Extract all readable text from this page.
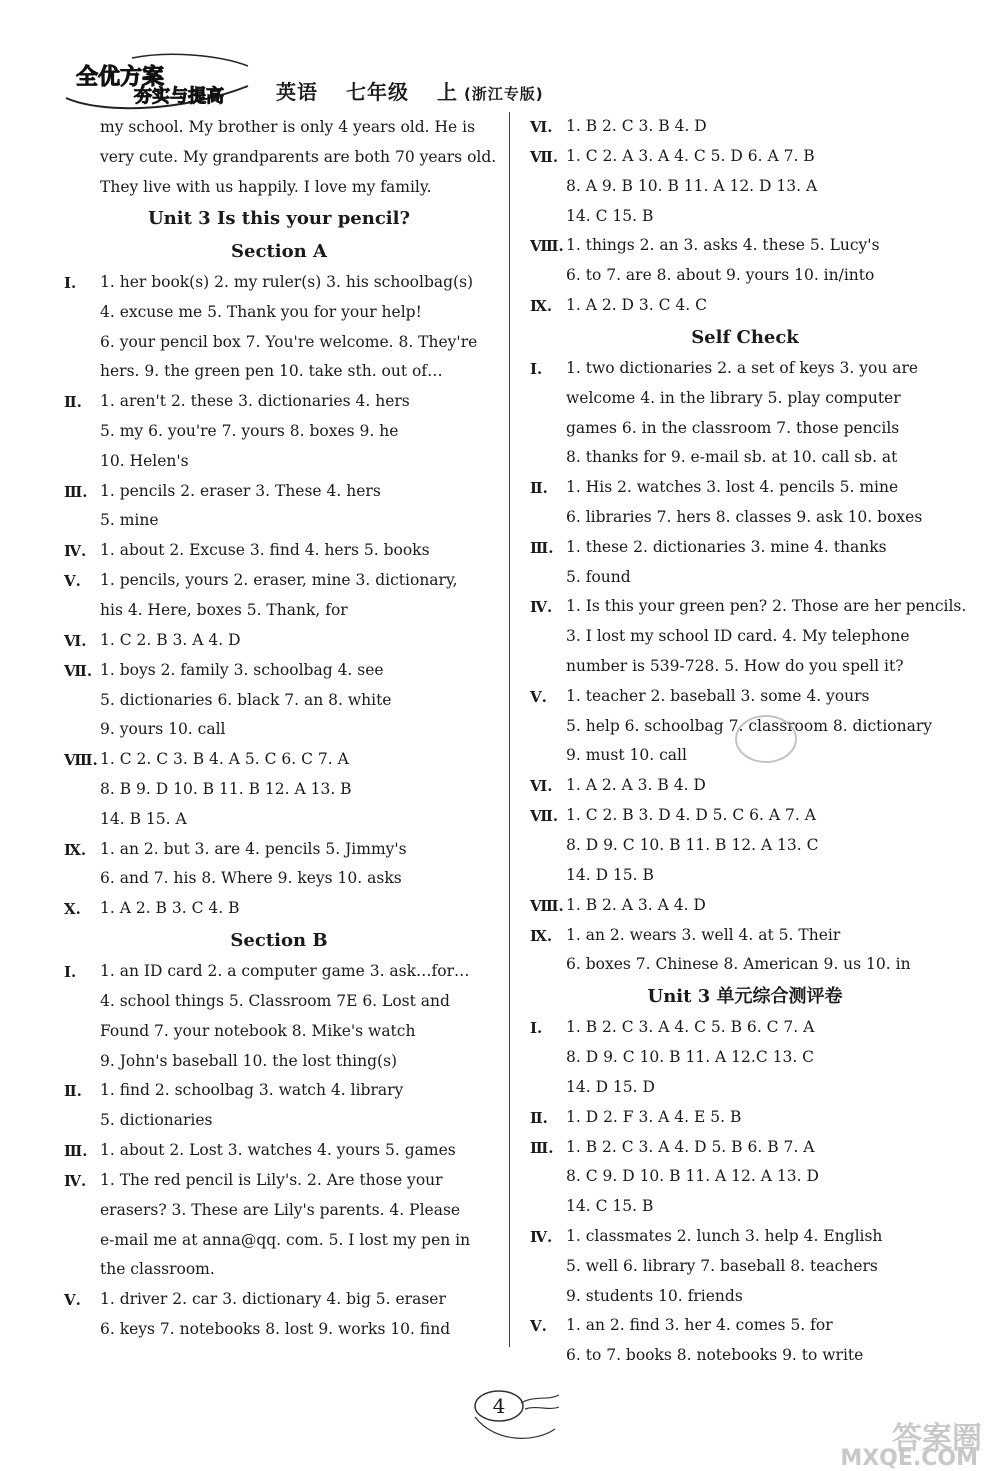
全优方案
夯实与提高	英语 七年级 上 (浙江专版)
my school. My brother is only 4 years old. He is
very cute. My grandparents are both 70 years old.
They live with us happily. I love my family.
Unit 3 Is this your pencil?
Section A
Ⅰ.	1. her book(s) 2. my ruler(s) 3. his schoolbag(s)
4. excuse me 5. Thank you for your help!
6. your pencil box 7. You're welcome. 8. They're
hers. 9. the green pen 10. take sth. out of…
Ⅱ.	1. aren't 2. these 3. dictionaries 4. hers
5. my 6. you're 7. yours 8. boxes 9. he
10. Helen's
Ⅲ. 1. pencils 2. eraser 3. These 4. hers
5. mine
Ⅳ. 1. about 2. Excuse 3. find 4. hers 5. books
Ⅴ.	1. pencils, yours 2. eraser, mine 3. dictionary,
his 4. Here, boxes 5. Thank, for
Ⅵ. 1. C 2. B 3. A 4. D
Ⅶ. 1. boys 2. family 3. schoolbag 4. see
5. dictionaries 6. black 7. an 8. white
9. yours 10. call
Ⅷ. 1. C 2. C 3. B 4. A 5. C 6. C 7. A
8. B 9. D 10. B 11. B 12. A 13. B
14. B 15. A
Ⅸ. 1. an 2. but 3. are 4. pencils 5. Jimmy's
6. and 7. his 8. Where 9. keys 10. asks
Ⅹ.	1. A 2. B 3. C 4. B
Section B
Ⅰ.	1. an ID card 2. a computer game 3. ask…for…
4. school things 5. Classroom 7E 6. Lost and
Found 7. your notebook 8. Mike's watch
9. John's baseball 10. the lost thing(s)
Ⅱ.	1. find 2. schoolbag 3. watch 4. library
5. dictionaries
Ⅲ. 1. about 2. Lost 3. watches 4. yours 5. games
Ⅳ. 1. The red pencil is Lily's. 2. Are those your
erasers? 3. These are Lily's parents. 4. Please
e-mail me at anna@qq. com. 5. I lost my pen in
the classroom.
Ⅴ.	1. driver 2. car 3. dictionary 4. big 5. eraser
6. keys 7. notebooks 8. lost 9. works 10. find
Ⅵ. 1. B 2. C 3. B 4. D
Ⅶ. 1. C 2. A 3. A 4. C 5. D 6. A 7. B
8. A 9. B 10. B 11. A 12. D 13. A
14. C 15. B
Ⅷ. 1. things 2. an 3. asks 4. these 5. Lucy's
6. to 7. are 8. about 9. yours 10. in/into
Ⅸ. 1. A 2. D 3. C 4. C
Self Check
Ⅰ.	1. two dictionaries 2. a set of keys 3. you are
welcome 4. in the library 5. play computer
games 6. in the classroom 7. those pencils
8. thanks for 9. e-mail sb. at 10. call sb. at
Ⅱ.	1. His 2. watches 3. lost 4. pencils 5. mine
6. libraries 7. hers 8. classes 9. ask 10. boxes
Ⅲ. 1. these 2. dictionaries 3. mine 4. thanks
5. found
Ⅳ. 1. Is this your green pen? 2. Those are her pencils.
3. I lost my school ID card. 4. My telephone
number is 539-728. 5. How do you spell it?
Ⅴ.	1. teacher 2. baseball 3. some 4. yours
5. help 6. schoolbag 7. classroom 8. dictionary
9. must 10. call
Ⅵ. 1. A 2. A 3. B 4. D
Ⅶ. 1. C 2. B 3. D 4. D 5. C 6. A 7. A
8. D 9. C 10. B 11. B 12. A 13. C
14. D 15. B
Ⅷ. 1. B 2. A 3. A 4. D
Ⅸ. 1. an 2. wears 3. well 4. at 5. Their
6. boxes 7. Chinese 8. American 9. us 10. in
Unit 3 单元综合测评卷
Ⅰ.	1. B 2. C 3. A 4. C 5. B 6. C 7. A
8. D 9. C 10. B 11. A 12.C 13. C
14. D 15. D
Ⅱ.	1. D 2. F 3. A 4. E 5. B
Ⅲ. 1. B 2. C 3. A 4. D 5. B 6. B 7. A
8. C 9. D 10. B 11. A 12. A 13. D
14. C 15. B
Ⅳ. 1. classmates 2. lunch 3. help 4. English
5. well 6. library 7. baseball 8. teachers
9. students 10. friends
Ⅴ.	1. an 2. find 3. her 4. comes 5. for
6. to 7. books 8. notebooks 9. to write
4
答案圈
MXQE.COM
